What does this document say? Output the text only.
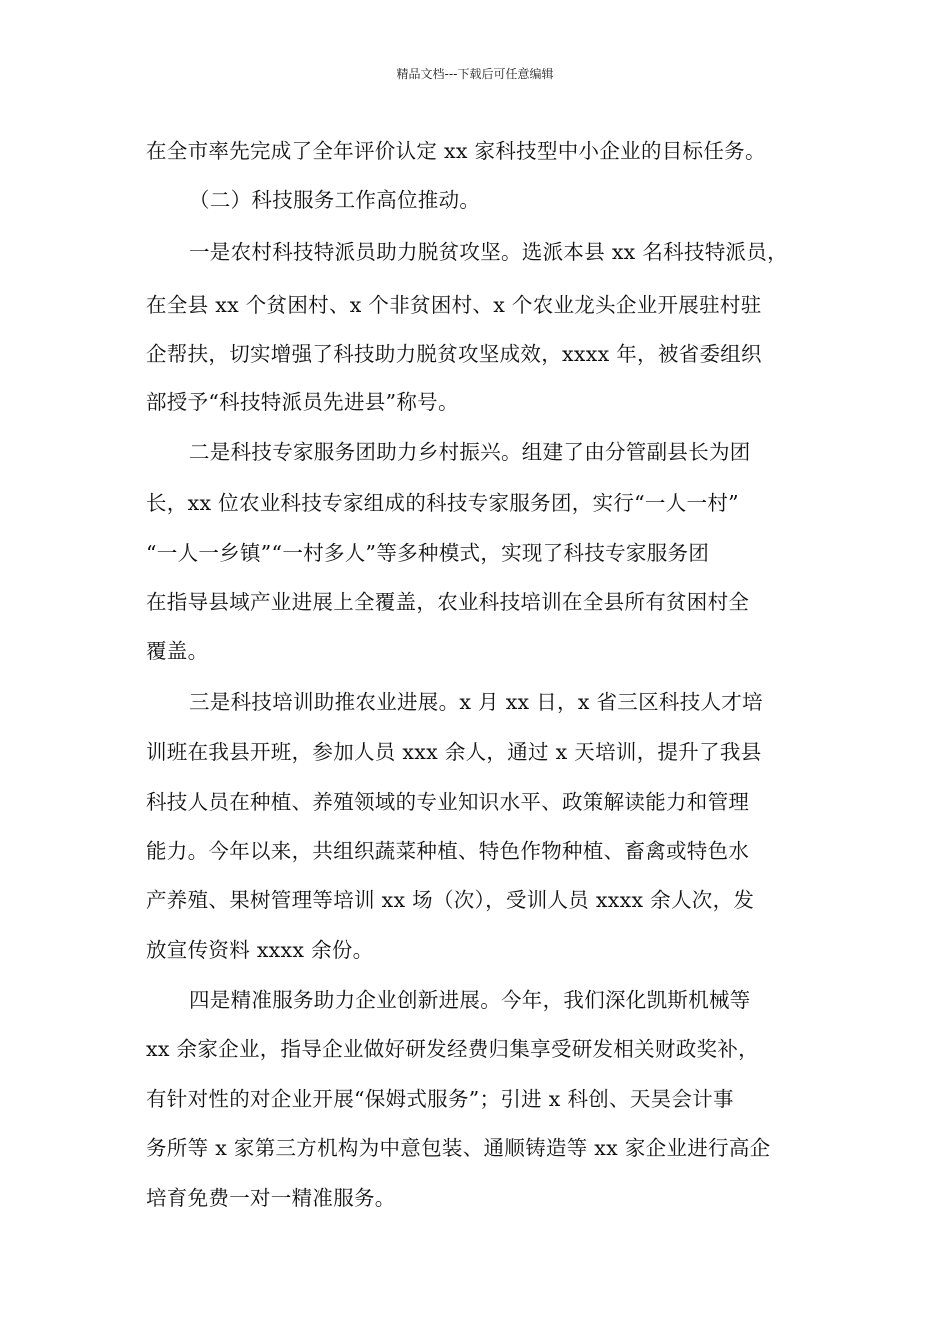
精品文档---下载后可任意编辑
在全市率先完成了全年评价认定 xx 家科技型中小企业的目标任务。
（二）科技服务工作高位推动。
一是农村科技特派员助力脱贫攻坚。选派本县 xx 名科技特派员，
在全县 xx 个贫困村、x 个非贫困村、x 个农业龙头企业开展驻村驻
企帮扶，切实增强了科技助力脱贫攻坚成效，xxxx 年，被省委组织
部授予“科技特派员先进县”称号。
二是科技专家服务团助力乡村振兴。组建了由分管副县长为团
长，xx 位农业科技专家组成的科技专家服务团，实行“一人一村”
“一人一乡镇”“一村多人”等多种模式，实现了科技专家服务团
在指导县域产业进展上全覆盖，农业科技培训在全县所有贫困村全
覆盖。
三是科技培训助推农业进展。x 月 xx 日，x 省三区科技人才培
训班在我县开班，参加人员 xxx 余人，通过 x 天培训，提升了我县
科技人员在种植、养殖领域的专业知识水平、政策解读能力和管理
能力。今年以来，共组织蔬菜种植、特色作物种植、畜禽或特色水
产养殖、果树管理等培训 xx 场（次），受训人员 xxxx 余人次，发
放宣传资料 xxxx 余份。
四是精准服务助力企业创新进展。今年，我们深化凯斯机械等
xx 余家企业，指导企业做好研发经费归集享受研发相关财政奖补，
有针对性的对企业开展“保姆式服务”；引进 x 科创、天昊会计事
务所等 x 家第三方机构为中意包装、通顺铸造等 xx 家企业进行高企
培育免费一对一精准服务。
